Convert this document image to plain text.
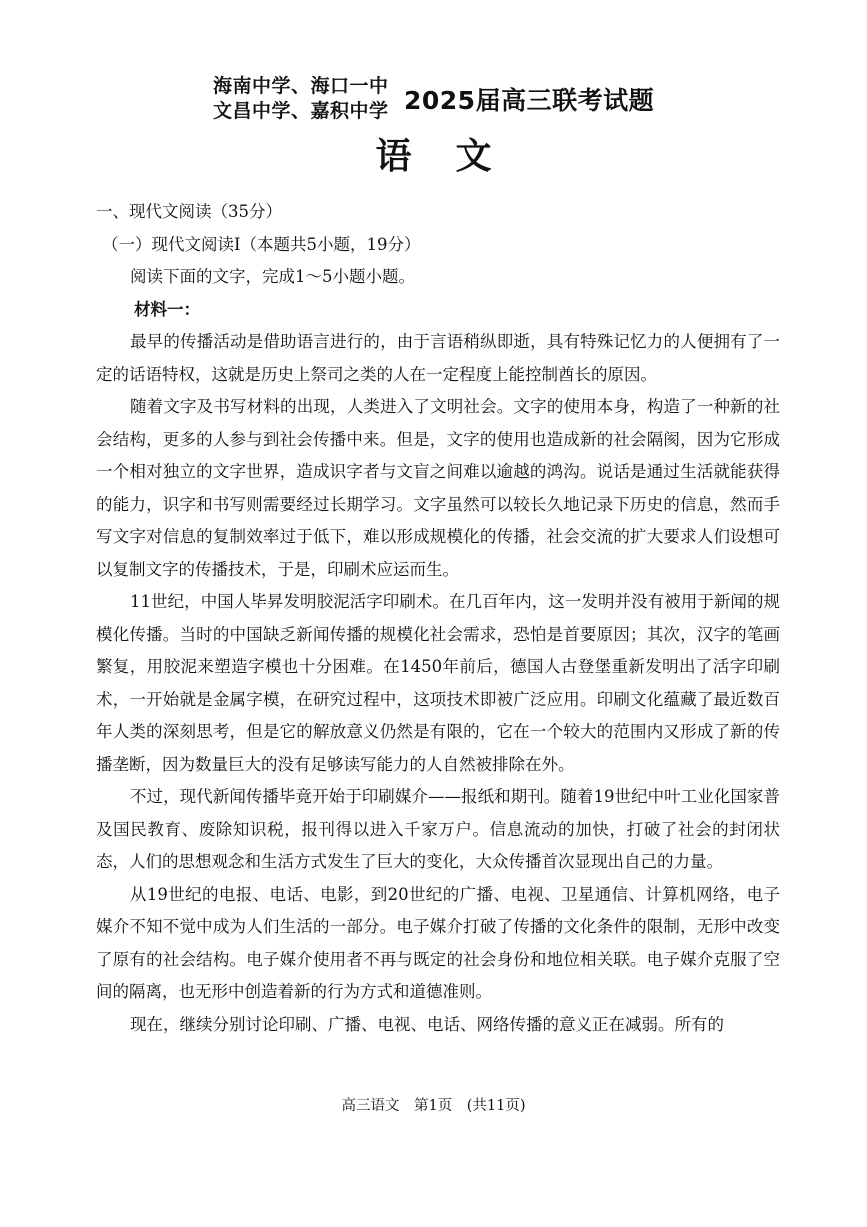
海南中学、海口一中
文昌中学、嘉积中学 2025届高三联考试题
语文

一、现代文阅读（35分）

（一）现代文阅读Ⅰ（本题共5小题，19分）

阅读下面的文字，完成1～5小题小题。

材料一：

最早的传播活动是借助语言进行的，由于言语稍纵即逝，具有特殊记忆力的人便拥有了一定的话语特权，这就是历史上祭司之类的人在一定程度上能控制酋长的原因。

随着文字及书写材料的出现，人类进入了文明社会。文字的使用本身，构造了一种新的社会结构，更多的人参与到社会传播中来。但是，文字的使用也造成新的社会隔阂，因为它形成一个相对独立的文字世界，造成识字者与文盲之间难以逾越的鸿沟。说话是通过生活就能获得的能力，识字和书写则需要经过长期学习。文字虽然可以较长久地记录下历史的信息，然而手写文字对信息的复制效率过于低下，难以形成规模化的传播，社会交流的扩大要求人们设想可以复制文字的传播技术，于是，印刷术应运而生。

11世纪，中国人毕昇发明胶泥活字印刷术。在几百年内，这一发明并没有被用于新闻的规模化传播。当时的中国缺乏新闻传播的规模化社会需求，恐怕是首要原因；其次，汉字的笔画繁复，用胶泥来塑造字模也十分困难。在1450年前后，德国人古登堡重新发明出了活字印刷术，一开始就是金属字模，在研究过程中，这项技术即被广泛应用。印刷文化蕴藏了最近数百年人类的深刻思考，但是它的解放意义仍然是有限的，它在一个较大的范围内又形成了新的传播垄断，因为数量巨大的没有足够读写能力的人自然被排除在外。

不过，现代新闻传播毕竟开始于印刷媒介——报纸和期刊。随着19世纪中叶工业化国家普及国民教育、废除知识税，报刊得以进入千家万户。信息流动的加快，打破了社会的封闭状态，人们的思想观念和生活方式发生了巨大的变化，大众传播首次显现出自己的力量。

从19世纪的电报、电话、电影，到20世纪的广播、电视、卫星通信、计算机网络，电子媒介不知不觉中成为人们生活的一部分。电子媒介打破了传播的文化条件的限制，无形中改变了原有的社会结构。电子媒介使用者不再与既定的社会身份和地位相关联。电子媒介克服了空间的隔离，也无形中创造着新的行为方式和道德准则。

现在，继续分别讨论印刷、广播、电视、电话、网络传播的意义正在减弱。所有的

高三语文　第1页　(共11页)
